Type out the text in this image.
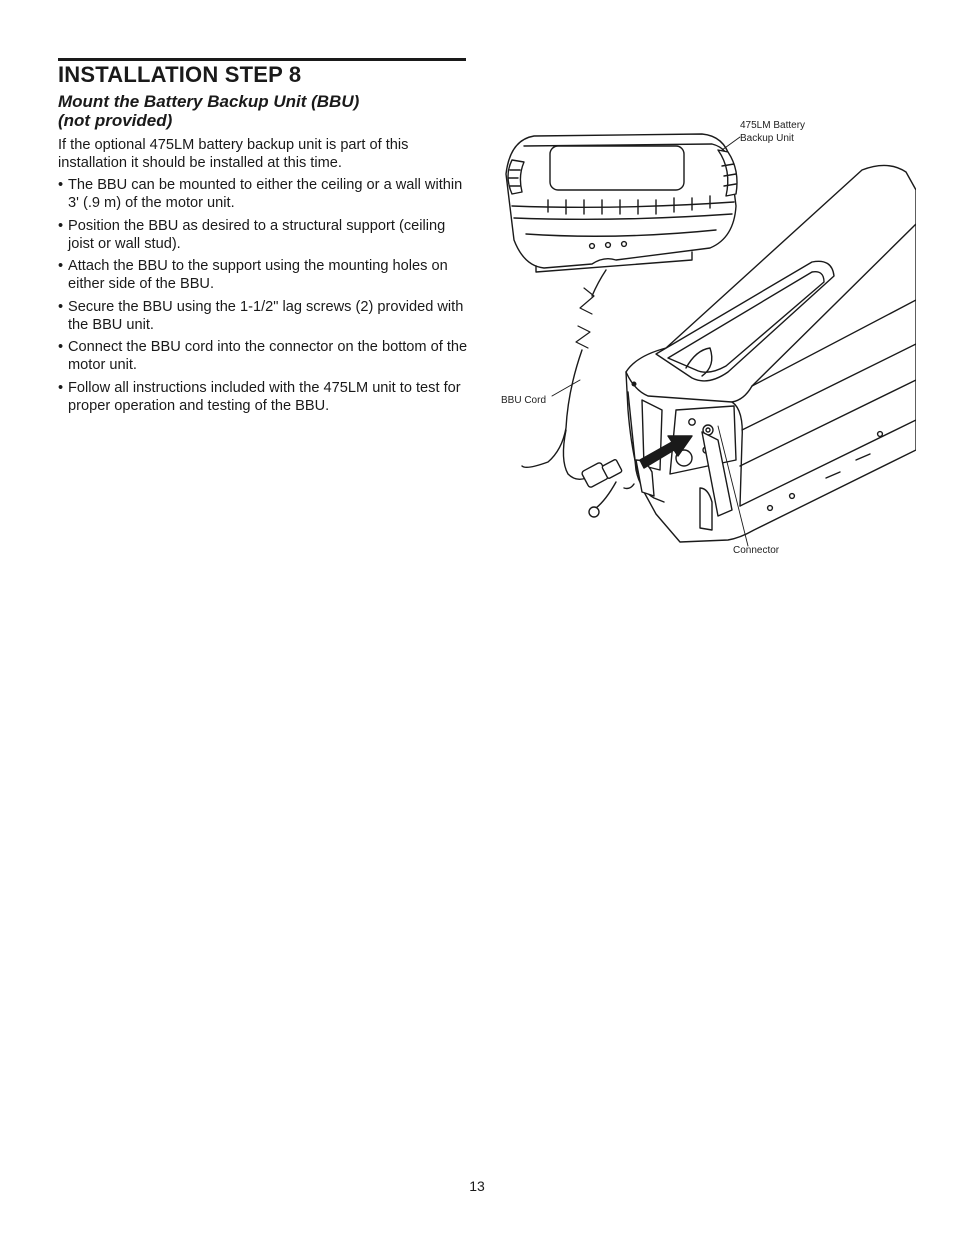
INSTALLATION STEP 8
Mount the Battery Backup Unit (BBU)
(not provided)

If the optional 475LM battery backup unit is part of this installation it should be installed at this time.

• The BBU can be mounted to either the ceiling or a wall within 3' (.9 m) of the motor unit.
• Position the BBU as desired to a structural support (ceiling joist or wall stud).
• Attach the BBU to the support using the mounting holes on either side of the BBU.
• Secure the BBU using the 1-1/2" lag screws (2) provided with the BBU unit.
• Connect the BBU cord into the connector on the bottom of the motor unit.
• Follow all instructions included with the 475LM unit to test for proper operation and testing of the BBU.
475LM Battery
Backup Unit
BBU Cord
Connector
13
